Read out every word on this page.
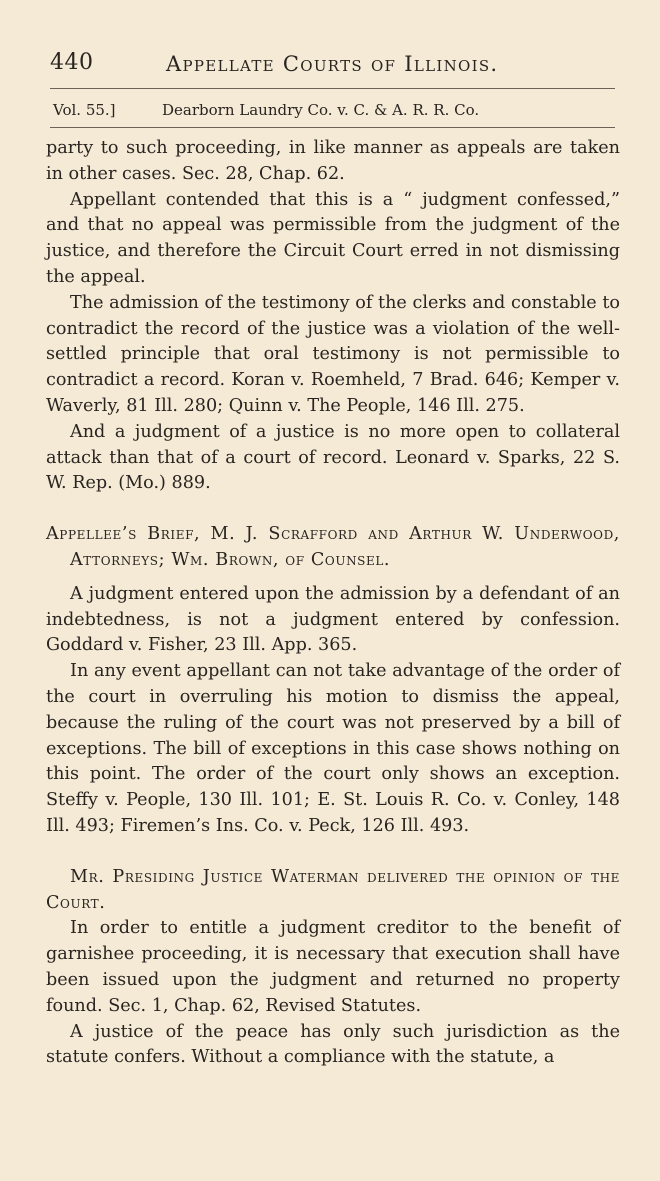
440	Appellate Courts of Illinois.
Vol. 55.]	Dearborn Laundry Co. v. C. & A. R. R. Co.

party to such proceeding, in like manner as appeals are taken in other cases. Sec. 28, Chap. 62.

Appellant contended that this is a “ judgment confessed,” and that no appeal was permissible from the judgment of the justice, and therefore the Circuit Court erred in not dismissing the appeal.

The admission of the testimony of the clerks and constable to contradict the record of the justice was a violation of the well-settled principle that oral testimony is not permissible to contradict a record. Koran v. Roemheld, 7 Brad. 646; Kemper v. Waverly, 81 Ill. 280; Quinn v. The People, 146 Ill. 275.

And a judgment of a justice is no more open to collateral attack than that of a court of record. Leonard v. Sparks, 22 S. W. Rep. (Mo.) 889.

Appellee’s Brief, M. J. Scrafford and Arthur W. Underwood, Attorneys; Wm. Brown, of Counsel.

A judgment entered upon the admission by a defendant of an indebtedness, is not a judgment entered by confession. Goddard v. Fisher, 23 Ill. App. 365.

In any event appellant can not take advantage of the order of the court in overruling his motion to dismiss the appeal, because the ruling of the court was not preserved by a bill of exceptions. The bill of exceptions in this case shows nothing on this point. The order of the court only shows an exception. Steffy v. People, 130 Ill. 101; E. St. Louis R. Co. v. Conley, 148 Ill. 493; Firemen’s Ins. Co. v. Peck, 126 Ill. 493.

Mr. Presiding Justice Waterman delivered the opinion of the Court.

In order to entitle a judgment creditor to the benefit of garnishee proceeding, it is necessary that execution shall have been issued upon the judgment and returned no property found. Sec. 1, Chap. 62, Revised Statutes.

A justice of the peace has only such jurisdiction as the statute confers. Without a compliance with the statute, a
